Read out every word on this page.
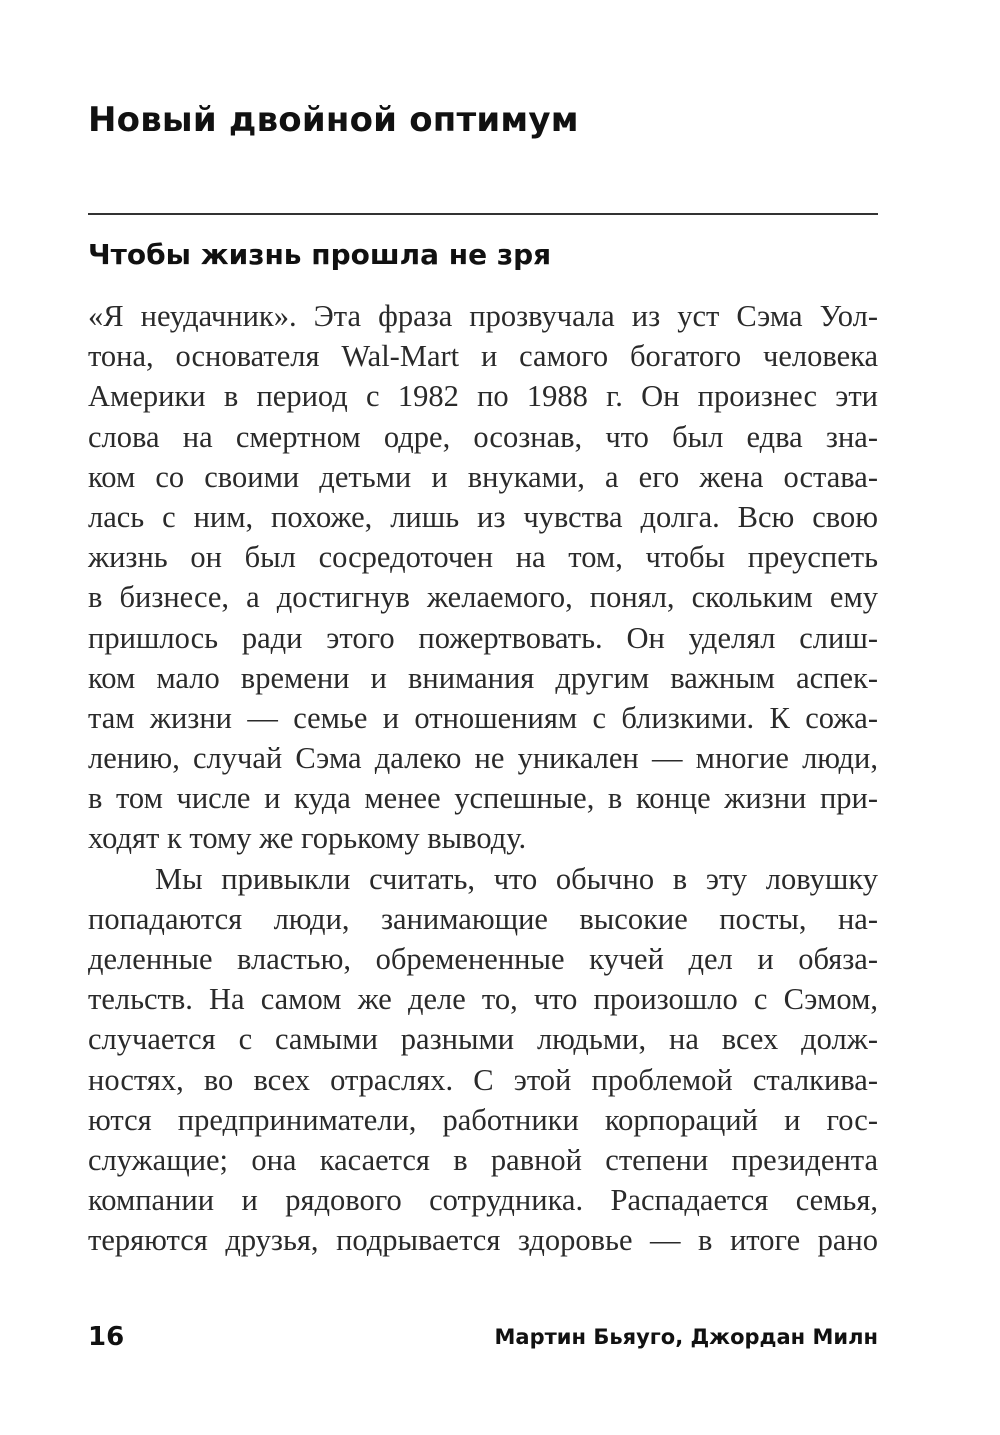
Новый двойной оптимум
Чтобы жизнь прошла не зря
«Я неудачник». Эта фраза прозвучала из уст Сэма Уол-
тона, основателя Wal-Mart и самого богатого человека
Америки в период с 1982 по 1988 г. Он произнес эти
слова на смертном одре, осознав, что был едва зна-
ком со своими детьми и внуками, а его жена остава-
лась с ним, похоже, лишь из чувства долга. Всю свою
жизнь он был сосредоточен на том, чтобы преуспеть
в бизнесе, а достигнув желаемого, понял, скольким ему
пришлось ради этого пожертвовать. Он уделял слиш-
ком мало времени и внимания другим важным аспек-
там жизни — семье и отношениям с близкими. К сожа-
лению, случай Сэма далеко не уникален — многие люди,
в том числе и куда менее успешные, в конце жизни при-
ходят к тому же горькому выводу.
Мы привыкли считать, что обычно в эту ловушку
попадаются люди, занимающие высокие посты, на-
деленные властью, обремененные кучей дел и обяза-
тельств. На самом же деле то, что произошло с Сэмом,
случается с самыми разными людьми, на всех долж-
ностях, во всех отраслях. С этой проблемой сталкива-
ются предприниматели, работники корпораций и гос-
служащие; она касается в равной степени президента
компании и рядового сотрудника. Распадается семья,
теряются друзья, подрывается здоровье — в итоге рано
16	Мартин Бьяуго, Джордан Милн
